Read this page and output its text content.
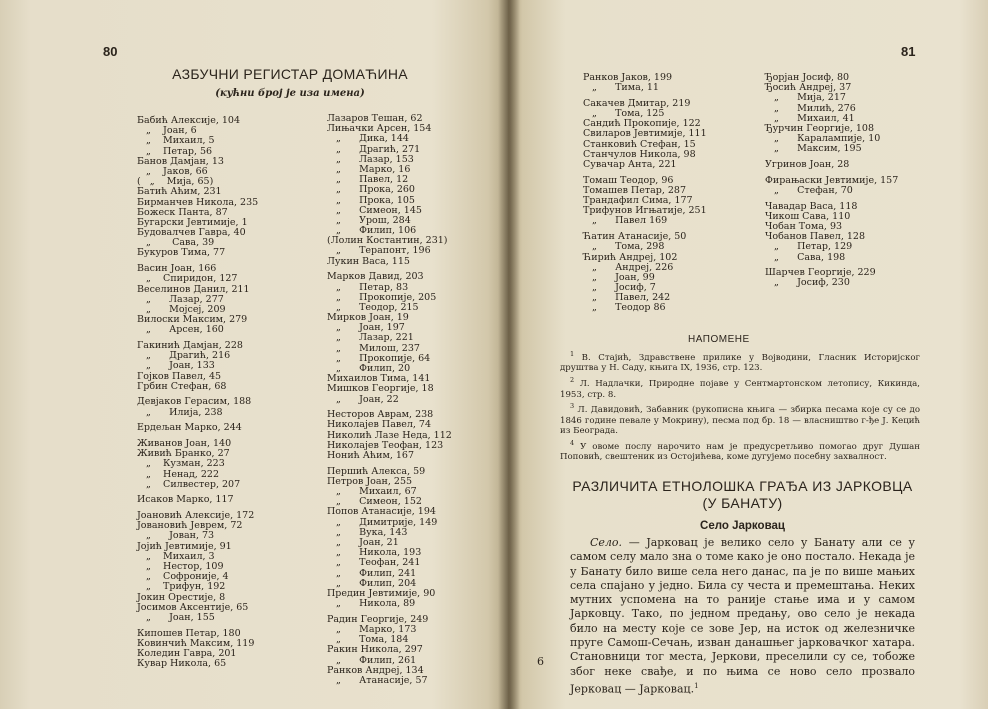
80
АЗБУЧНИ РЕГИСТАР ДОМАЋИНА
(кућни број је иза имена)
Бабић Алексије, 104
„    Јоан, 6
„    Михаил, 5
„    Петар, 56
Банов Дамјан, 13
„    Јаков, 66
(   „    Мија, 65)
Батић Аћим, 231
Бирманчев Никола, 235
Божеск Панта, 87
Бугарски Јевтимије, 1
Будовалчев Гавра, 40
„       Сава, 39
Букуров Тима, 77
Васин Јоан, 166
„    Спиридон, 127
Веселинов Данил, 211
„      Лазар, 277
„      Мојсеј, 209
Вилоски Максим, 279
„      Арсен, 160
Гакинић Дамјан, 228
„      Драгић, 216
„      Јоан, 133
Гојков Павел, 45
Грбин Стефан, 68
Девјаков Герасим, 188
„      Илија, 238
Ердељан Марко, 244
Живанов Јоан, 140
Живић Бранко, 27
„    Кузман, 223
„    Ненад, 222
„    Силвестер, 207
Исаков Марко, 117
Јоановић Алексије, 172
Јовановић Јеврем, 72
„      Јован, 73
Јојић Јевтимије, 91
„    Михаил, 3
„    Нестор, 109
„    Софроније, 4
„    Трифун, 192
Јокин Орестије, 8
Јосимов Аксентије, 65
„      Јоан, 155
Кипошев Петар, 180
Ковинчић Максим, 119
Коледин Гавра, 201
Кувар Никола, 65
Лазаров Тешан, 62
Лињачки Арсен, 154
„      Дика, 144
„      Драгић, 271
„      Лазар, 153
„      Марко, 16
„      Павел, 12
„      Прока, 260
„      Прока, 105
„      Симеон, 145
„      Урош, 284
„      Филип, 106
(Лолин Костантин, 231)
„      Терапонт, 196
Лукин Васа, 115
Марков Давид, 203
„      Петар, 83
„      Прокопије, 205
„      Теодор, 215
Мирков Јоан, 19
„      Јоан, 197
„      Лазар, 221
„      Милош, 237
„      Прокопије, 64
„      Филип, 20
Михаилов Тима, 141
Мишков Георгије, 18
„      Јоан, 22
Несторов Аврам, 238
Николајев Павел, 74
Николић Лазе Неда, 112
Николајев Теофан, 123
Нонић Аћим, 167
Першић Алекса, 59
Петров Јоан, 255
„      Михаил, 67
„      Симеон, 152
Попов Атанасије, 194
„      Димитрије, 149
„      Вука, 143
„      Јоан, 21
„      Никола, 193
„      Теофан, 241
„      Филип, 241
„      Филип, 204
Предин Јевтимије, 90
„      Никола, 89
Радин Георгије, 249
„      Марко, 173
„      Тома, 184
Ракин Никола, 297
„      Филип, 261
Ранков Андреј, 134
„      Атанасије, 57
81
Ранков Јаков, 199
„      Тима, 11
Сакачев Дмитар, 219
„      Тома, 125
Сандић Прокопије, 122
Свиларов Јевтимије, 111
Станковић Стефан, 15
Станчулов Никола, 98
Сувачар Анта, 221
Томаш Теодор, 96
Томашев Петар, 287
Трандафил Сима, 177
Трифунов Игњатије, 251
„      Павел 169
Ћатин Атанасије, 50
„      Тома, 298
Ћирић Андреј, 102
„      Андреј, 226
„      Јоан, 99
„      Јосиф, 7
„      Павел, 242
„      Теодор 86
Ђорјан Јосиф, 80
Ђосић Андреј, 37
„      Мија, 217
„      Милић, 276
„      Михаил, 41
Ђурчин Георгије, 108
„      Каралампије, 10
„      Максим, 195
Угринов Јоан, 28
Фирањаски Јевтимије, 157
„      Стефан, 70
Чавадар Васа, 118
Чикош Сава, 110
Чобан Тома, 93
Чобанов Павел, 128
„      Петар, 129
„      Сава, 198
Шарчев Георгије, 229
„      Јосиф, 230
НАПОМЕНЕ

$^1$ В. Стајић, Здравствене прилике у Војводини, Гласник Историјског друштва у Н. Саду, књига IX, 1936, стр. 123.

$^2$ Л. Надлачки, Природне појаве у Сентмартонском летопису, Кикинда, 1953, стр. 8.

$^3$ Л. Давидовић, Забавник (рукописна књига — збирка песама које су се до 1846 године певале у Мокрину), песма под бр. 18 — власништво г-ђе Ј. Кецић из Београда.

$^4$ У овоме послу нарочито нам је предусретљиво помогао друг Душан Поповић, свештеник из Остојићева, коме дугујемо посебну захвалност.

РАЗЛИЧИТА ЕТНОЛОШКА ГРАЂА ИЗ ЈАРКОВЦА
(У БАНАТУ)
Село Јарковац

Село. — Јарковац је велико село у Банату али се у самом селу мало зна о томе како је оно постало. Некада је у Банату било више села него данас, па је по више мањих села спајано у једно. Била су честа и премештања. Неких мутних успомена на то раније стање има и у самом Јарковцу. Тако, по једном предању, ово село је некада било на месту које се зове Јер, на исток од железничке пруге Самош-Сечањ, изван данашњег јарковачког хатара. Становници тог места, Јеркови, преселили су се, тобоже због неке свађе, и по њима се ново село прозвало Јерковац — Јарковац.$^1$

6
